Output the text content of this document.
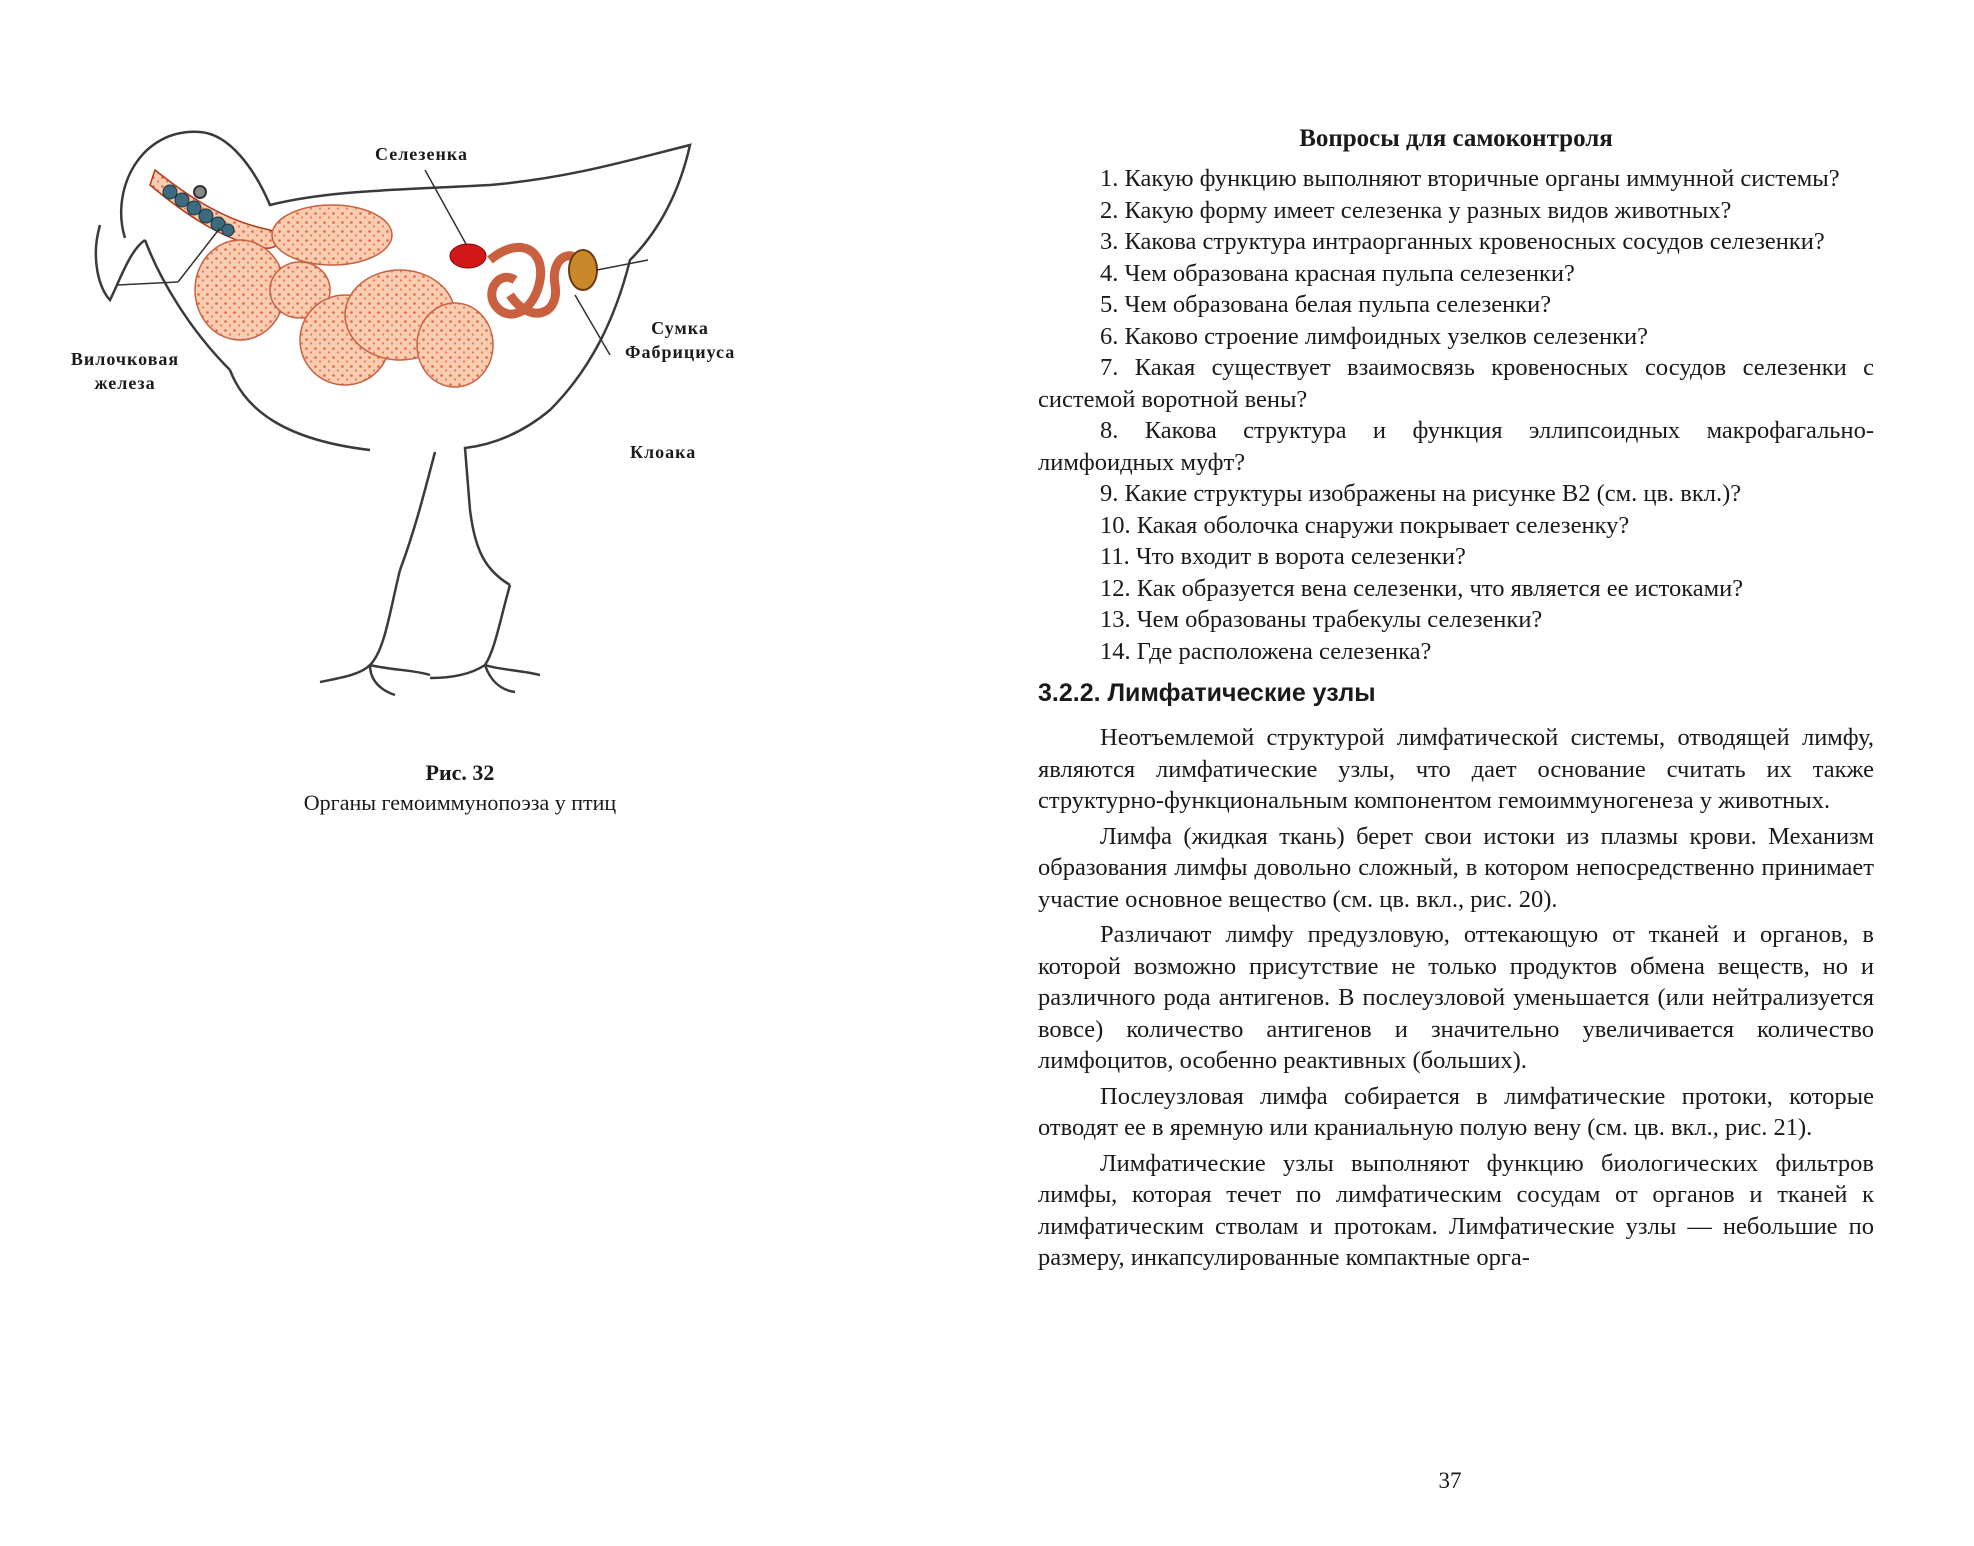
Селезенка
Вилочковая
железа
Сумка
Фабрициуса
Клоака
Рис. 32
Органы гемоиммунопоэза у птиц
Вопросы для самоконтроля

1. Какую функцию выполняют вторичные органы иммунной системы?

2. Какую форму имеет селезенка у разных видов животных?

3. Какова структура интраорганных кровеносных сосудов селезенки?

4. Чем образована красная пульпа селезенки?

5. Чем образована белая пульпа селезенки?

6. Каково строение лимфоидных узелков селезенки?

7. Какая существует взаимосвязь кровеносных сосудов селезенки с системой воротной вены?

8. Какова структура и функция эллипсоидных макрофагально-лимфоидных муфт?

9. Какие структуры изображены на рисунке В2 (см. цв. вкл.)?

10. Какая оболочка снаружи покрывает селезенку?

11. Что входит в ворота селезенки?

12. Как образуется вена селезенки, что является ее истоками?

13. Чем образованы трабекулы селезенки?

14. Где расположена селезенка?

3.2.2. Лимфатические узлы

Неотъемлемой структурой лимфатической системы, отводящей лимфу, являются лимфатические узлы, что дает основание считать их также структурно-функциональным компонентом гемоиммуногенеза у животных.

Лимфа (жидкая ткань) берет свои истоки из плазмы крови. Механизм образования лимфы довольно сложный, в котором непосредственно принимает участие основное вещество (см. цв. вкл., рис. 20).

Различают лимфу предузловую, оттекающую от тканей и органов, в которой возможно присутствие не только продуктов обмена веществ, но и различного рода антигенов. В послеузловой уменьшается (или нейтрализуется вовсе) количество антигенов и значительно увеличивается количество лимфоцитов, особенно реактивных (больших).

Послеузловая лимфа собирается в лимфатические протоки, которые отводят ее в яремную или краниальную полую вену (см. цв. вкл., рис. 21).

Лимфатические узлы выполняют функцию биологических фильтров лимфы, которая течет по лимфатическим сосудам от органов и тканей к лимфатическим стволам и протокам. Лимфатические узлы — небольшие по размеру, инкапсулированные компактные орга-

37
